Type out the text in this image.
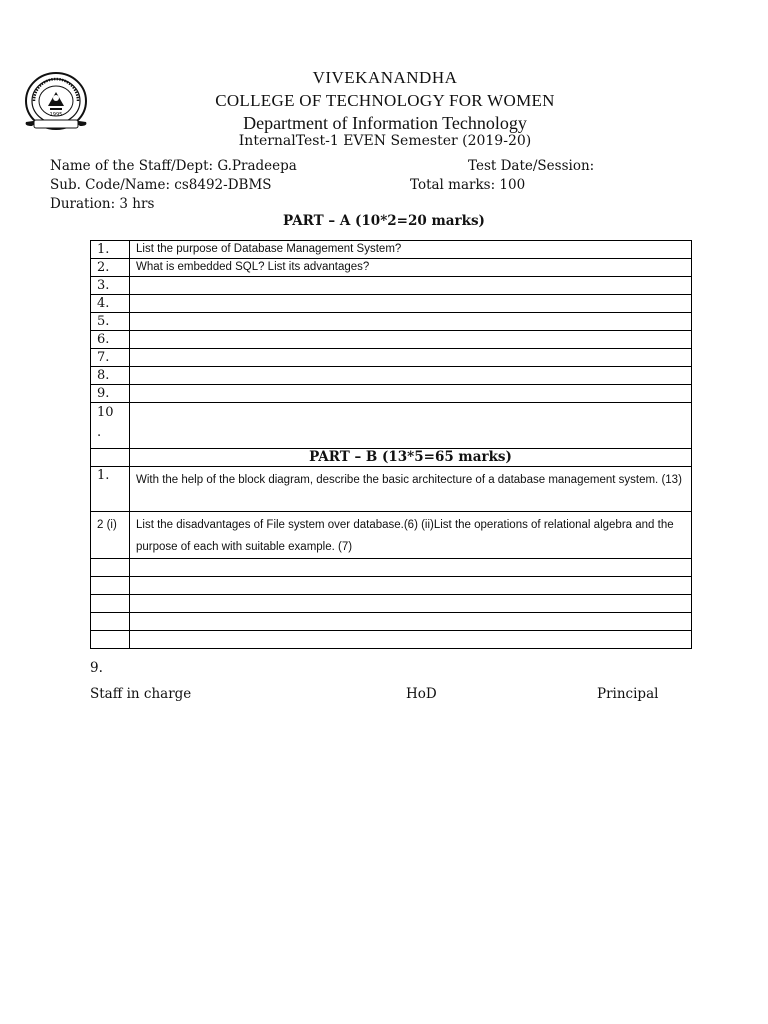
1995
VIVEKANANDHA
COLLEGE OF TECHNOLOGY FOR WOMEN
Department of Information Technology
InternalTest-1 EVEN Semester (2019-20)
Name of the Staff/Dept: G.Pradeepa	Test Date/Session:
Sub. Code/Name: cs8492-DBMS	Total marks: 100
Duration: 3 hrs
PART – A (10*2=20 marks)
1.	List the purpose of Database Management System?
2.	What is embedded SQL? List its advantages?
3.	
4.	
5.	
6.	
7.	
8.	
9.	
10
.	
	PART – B (13*5=65 marks)
1.	With the help of the block diagram, describe the basic architecture of a database management system. (13)
2 (i)	List the disadvantages of File system over database.(6) (ii)List the operations of relational algebra and the purpose of each with suitable example. (7)

9.
Staff in charge	HoD	Principal
